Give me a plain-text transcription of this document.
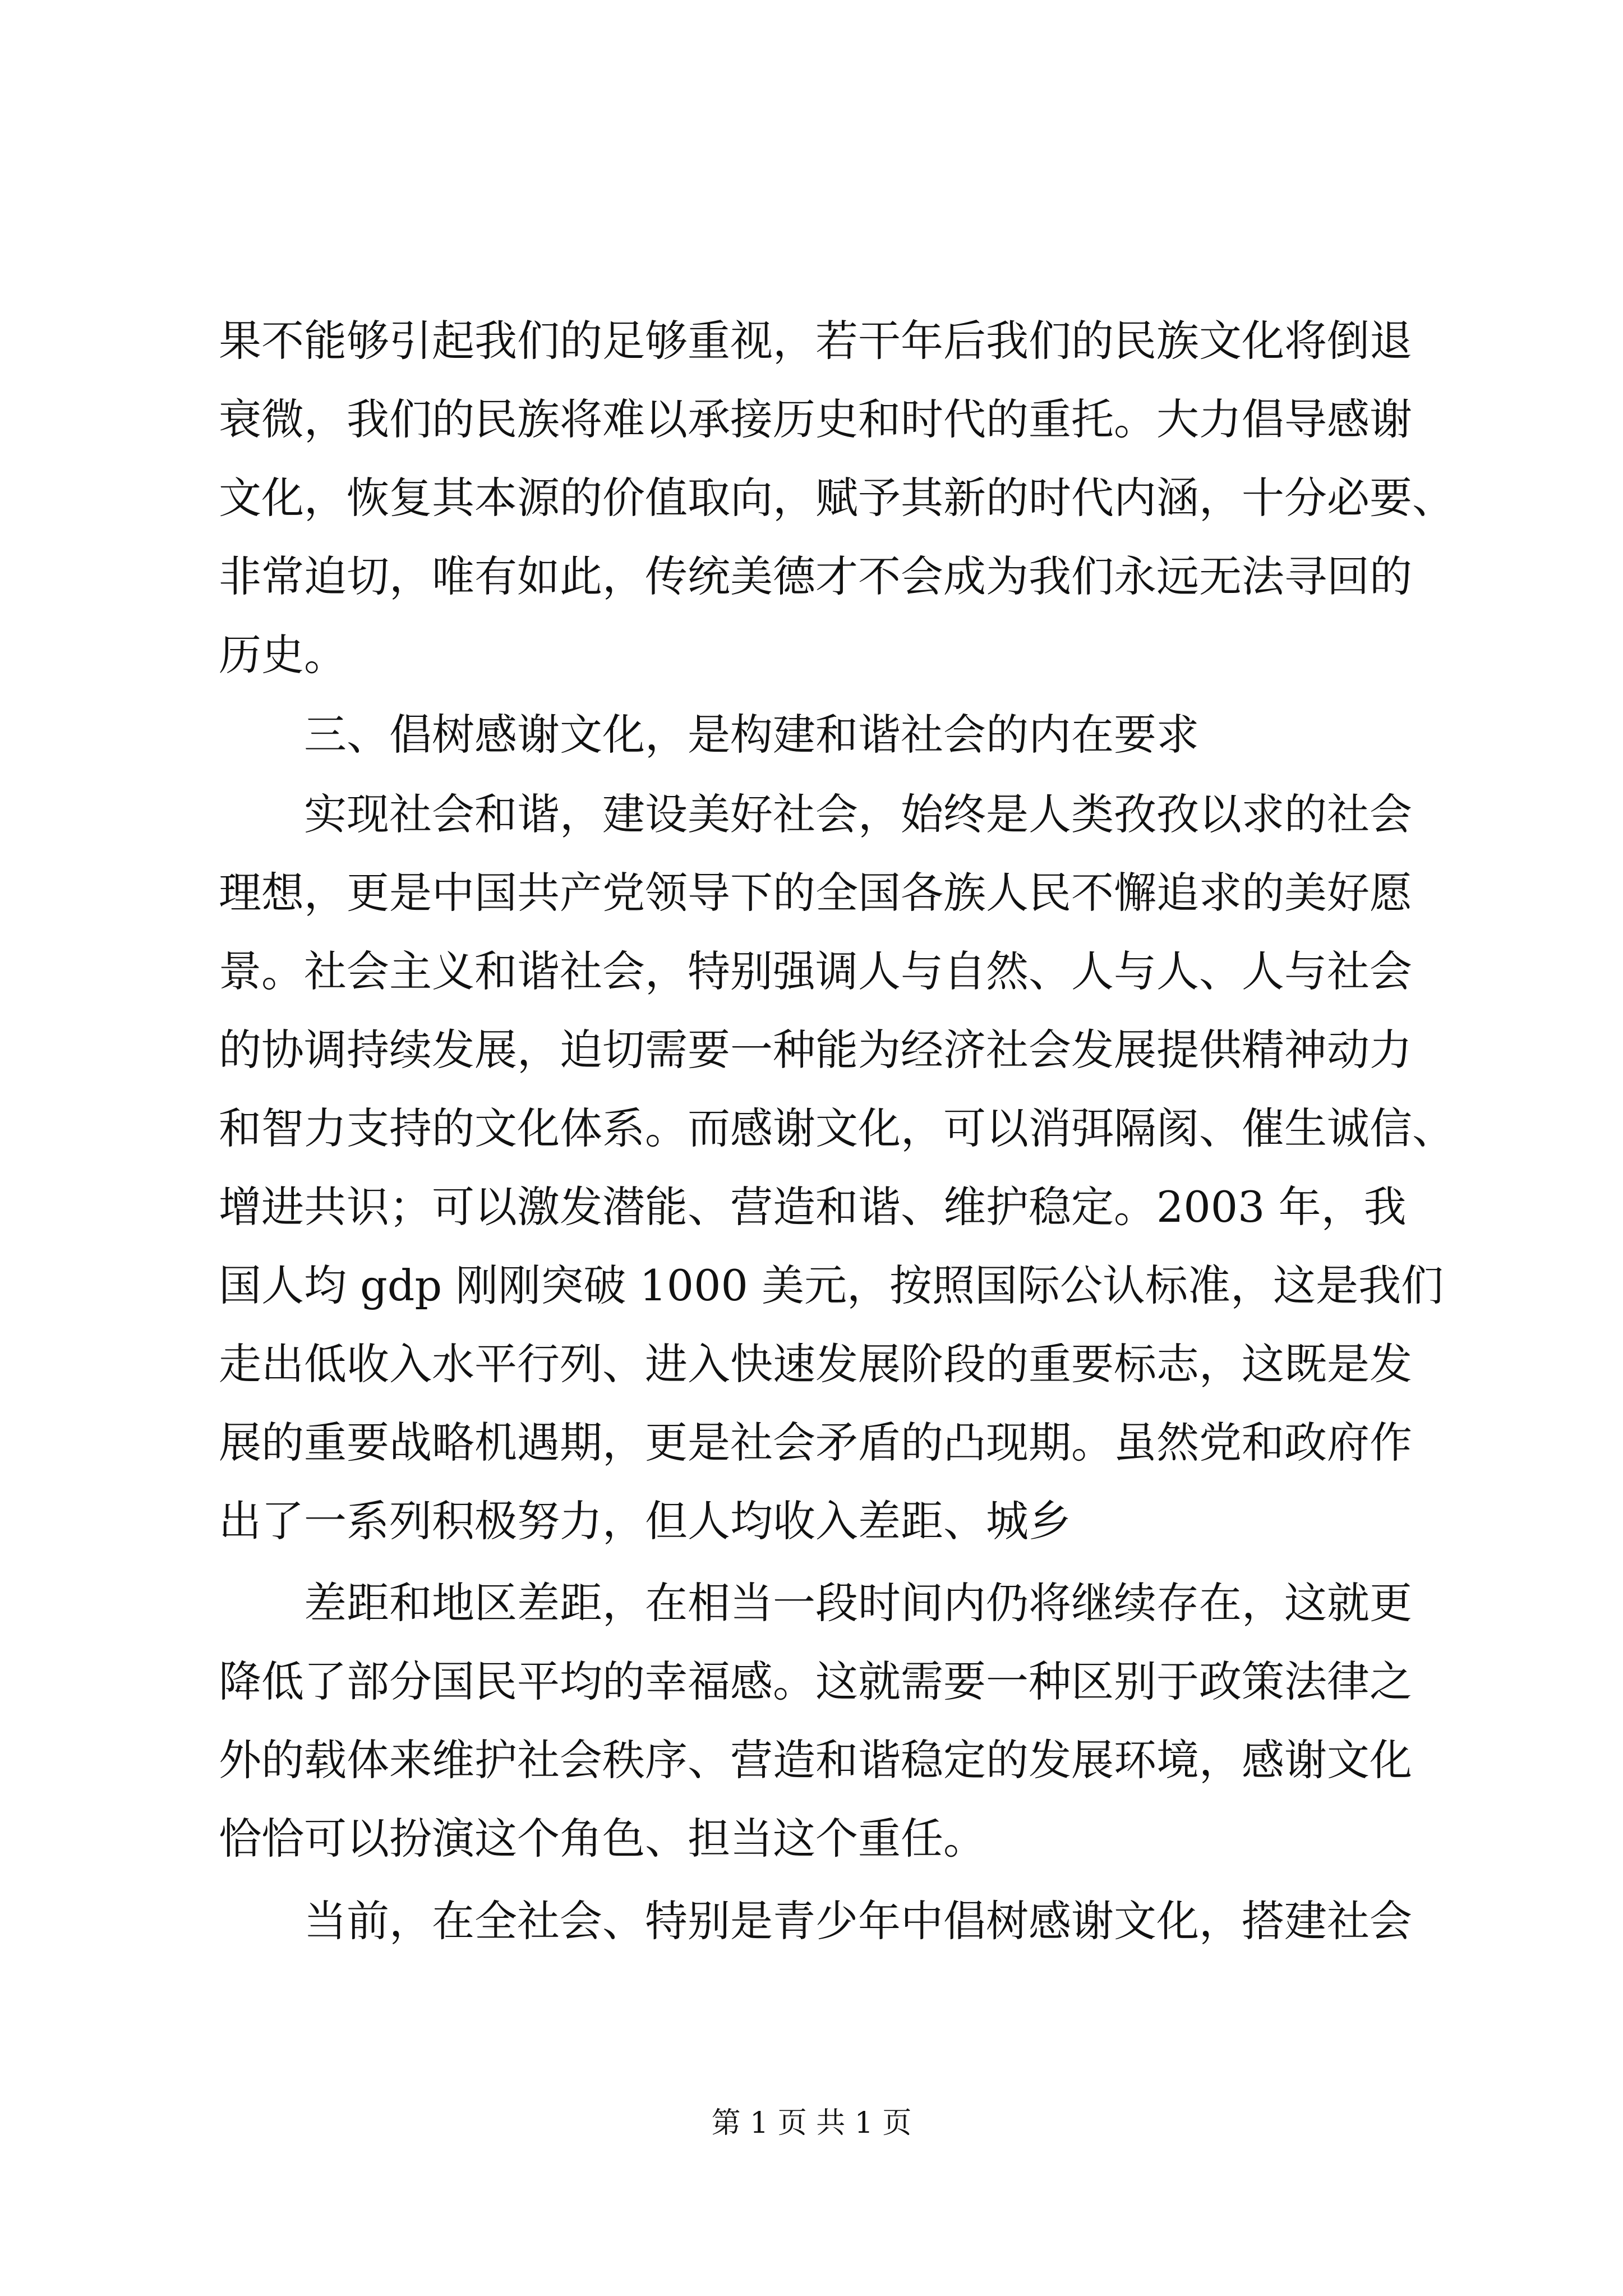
果不能够引起我们的足够重视，若干年后我们的民族文化将倒退
衰微，我们的民族将难以承接历史和时代的重托。大力倡导感谢
文化，恢复其本源的价值取向，赋予其新的时代内涵，十分必要、
非常迫切，唯有如此，传统美德才不会成为我们永远无法寻回的
历史。
三、倡树感谢文化，是构建和谐社会的内在要求
实现社会和谐，建设美好社会，始终是人类孜孜以求的社会
理想，更是中国共产党领导下的全国各族人民不懈追求的美好愿
景。社会主义和谐社会，特别强调人与自然、人与人、人与社会
的协调持续发展，迫切需要一种能为经济社会发展提供精神动力
和智力支持的文化体系。而感谢文化，可以消弭隔阂、催生诚信、
增进共识；可以激发潜能、营造和谐、维护稳定。2003 年，我
国人均 gdp 刚刚突破 1000 美元，按照国际公认标准，这是我们
走出低收入水平行列、进入快速发展阶段的重要标志，这既是发
展的重要战略机遇期，更是社会矛盾的凸现期。虽然党和政府作
出了一系列积极努力，但人均收入差距、城乡
差距和地区差距，在相当一段时间内仍将继续存在，这就更
降低了部分国民平均的幸福感。这就需要一种区别于政策法律之
外的载体来维护社会秩序、营造和谐稳定的发展环境，感谢文化
恰恰可以扮演这个角色、担当这个重任。
当前，在全社会、特别是青少年中倡树感谢文化，搭建社会
第 1 页 共 1 页
